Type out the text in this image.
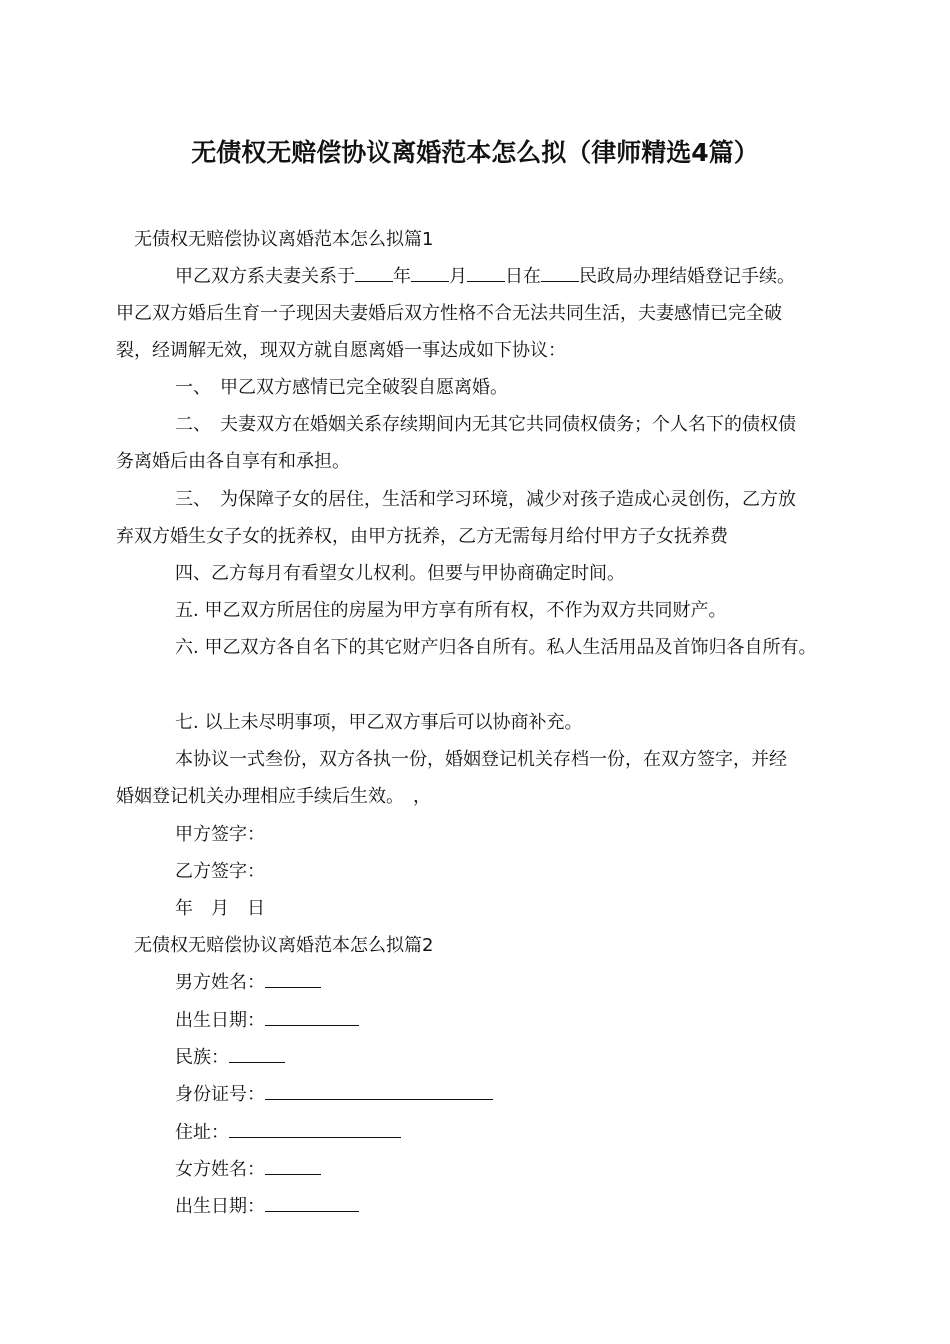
无债权无赔偿协议离婚范本怎么拟（律师精选4篇）
无债权无赔偿协议离婚范本怎么拟篇1
甲乙双方系夫妻关系于 年 月 日在 民政局办理结婚登记手续。
甲乙双方婚后生育一子现因夫妻婚后双方性格不合无法共同生活，夫妻感情已完全破
裂，经调解无效，现双方就自愿离婚一事达成如下协议：
一、　甲乙双方感情已完全破裂自愿离婚。
二、　夫妻双方在婚姻关系存续期间内无其它共同债权债务；个人名下的债权债
务离婚后由各自享有和承担。
三、　为保障子女的居住，生活和学习环境，减少对孩子造成心灵创伤，乙方放
弃双方婚生女子女的抚养权，由甲方抚养，乙方无需每月给付甲方子女抚养费
四、乙方每月有看望女儿权利。但要与甲协商确定时间。
五. 甲乙双方所居住的房屋为甲方享有所有权，不作为双方共同财产。
六. 甲乙双方各自名下的其它财产归各自所有。私人生活用品及首饰归各自所有。
七. 以上未尽明事项，甲乙双方事后可以协商补充。
本协议一式叁份，双方各执一份，婚姻登记机关存档一份，在双方签字，并经
婚姻登记机关办理相应手续后生效。　，
甲方签字：
乙方签字：
年　月　日
无债权无赔偿协议离婚范本怎么拟篇2
男方姓名：
出生日期：
民族：
身份证号：
住址：
女方姓名：
出生日期：
